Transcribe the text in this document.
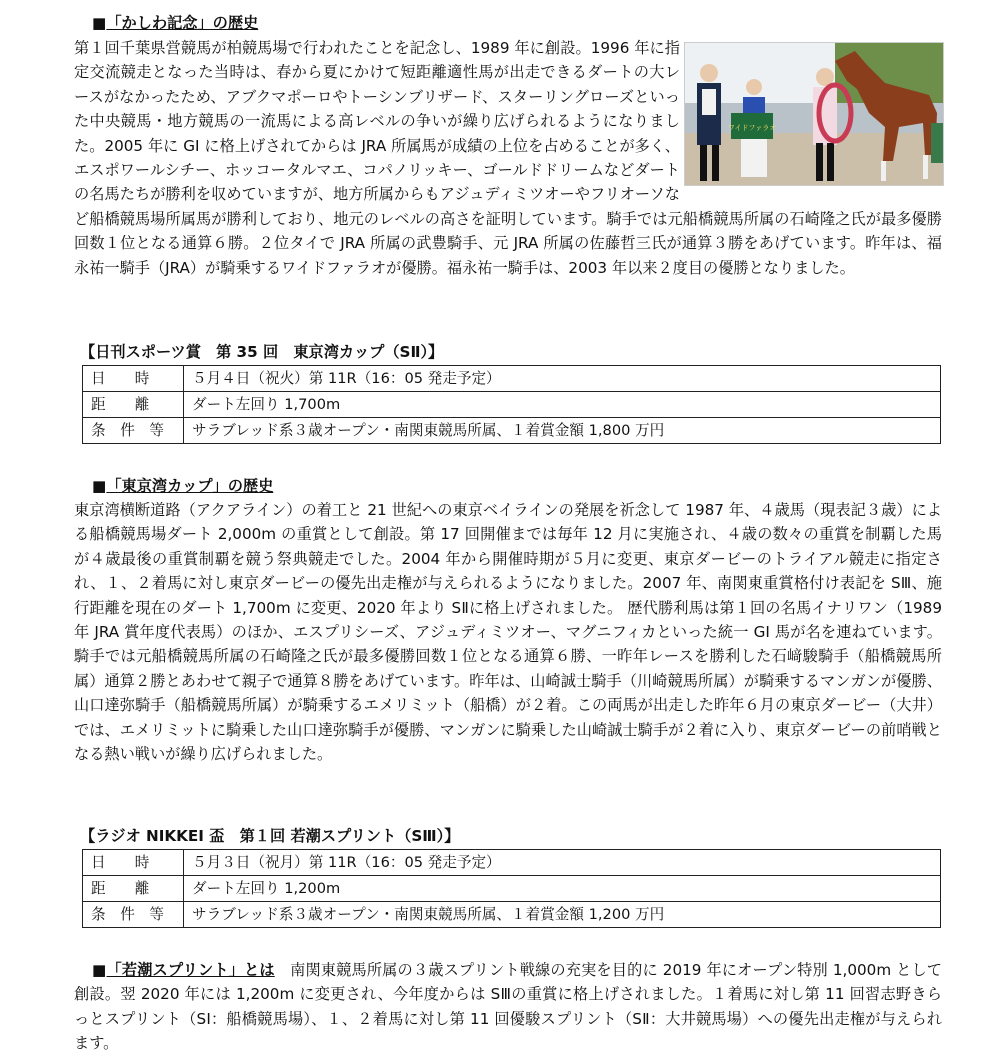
■「かしわ記念」の歴史
ワイドファラオ

第１回千葉県営競馬が柏競馬場で行われたことを記念し、1989 年に創設。1996 年に指定交流競走となった当時は、春から夏にかけて短距離適性馬が出走できるダートの大レースがなかったため、アブクマポーロやトーシンブリザード、スターリングローズといった中央競馬・地方競馬の一流馬による高レベルの争いが繰り広げられるようになりました。2005 年に GI に格上げされてからは JRA 所属馬が成績の上位を占めることが多く、エスポワールシチー、ホッコータルマエ、コパノリッキー、ゴールドドリームなどダートの名馬たちが勝利を収めていますが、地方所属からもアジュディミツオーやフリオーソなど船橋競馬場所属馬が勝利しており、地元のレベルの高さを証明しています。騎手では元船橋競馬所属の石崎隆之氏が最多優勝回数１位となる通算６勝。２位タイで JRA 所属の武豊騎手、元 JRA 所属の佐藤哲三氏が通算３勝をあげています。昨年は、福永祐一騎手（JRA）が騎乗するワイドファラオが優勝。福永祐一騎手は、2003 年以来２度目の優勝となりました。

【日刊スポーツ賞　第 35 回　東京湾カップ（SⅡ）】
日　　時	５月４日（祝火）第 11R（16：05 発走予定）
距　　離	ダート左回り 1,700m
条　件　等	サラブレッド系３歳オープン・南関東競馬所属、１着賞金額 1,800 万円
■「東京湾カップ」の歴史

東京湾横断道路（アクアライン）の着工と 21 世紀への東京ベイラインの発展を祈念して 1987 年、４歳馬（現表記３歳）による船橋競馬場ダート 2,000m の重賞として創設。第 17 回開催までは毎年 12 月に実施され、４歳の数々の重賞を制覇した馬が４歳最後の重賞制覇を競う祭典競走でした。2004 年から開催時期が５月に変更、東京ダービーのトライアル競走に指定され、１、２着馬に対し東京ダービーの優先出走権が与えられるようになりました。2007 年、南関東重賞格付け表記を SⅢ、施行距離を現在のダート 1,700m に変更、2020 年より SⅡに格上げされました。 歴代勝利馬は第１回の名馬イナリワン（1989 年 JRA 賞年度代表馬）のほか、エスプリシーズ、アジュディミツオー、マグニフィカといった統一 GI 馬が名を連ねています。騎手では元船橋競馬所属の石崎隆之氏が最多優勝回数１位となる通算６勝、一昨年レースを勝利した石﨑駿騎手（船橋競馬所属）通算２勝とあわせて親子で通算８勝をあげています。昨年は、山崎誠士騎手（川崎競馬所属）が騎乗するマンガンが優勝、山口達弥騎手（船橋競馬所属）が騎乗するエメリミット（船橋）が２着。この両馬が出走した昨年６月の東京ダービー（大井）では、エメリミットに騎乗した山口達弥騎手が優勝、マンガンに騎乗した山崎誠士騎手が２着に入り、東京ダービーの前哨戦となる熱い戦いが繰り広げられました。

【ラジオ NIKKEI 盃　第１回 若潮スプリント（SⅢ）】
日　　時	５月３日（祝月）第 11R（16：05 発走予定）
距　　離	ダート左回り 1,200m
条　件　等	サラブレッド系３歳オープン・南関東競馬所属、１着賞金額 1,200 万円

■「若潮スプリント」とは　 南関東競馬所属の３歳スプリント戦線の充実を目的に 2019 年にオープン特別 1,000m として創設。翌 2020 年には 1,200m に変更され、今年度からは SⅢの重賞に格上げされました。１着馬に対し第 11 回習志野きらっとスプリント（SⅠ：船橋競馬場）、１、２着馬に対し第 11 回優駿スプリント（SⅡ：大井競馬場）への優先出走権が与えられます。
